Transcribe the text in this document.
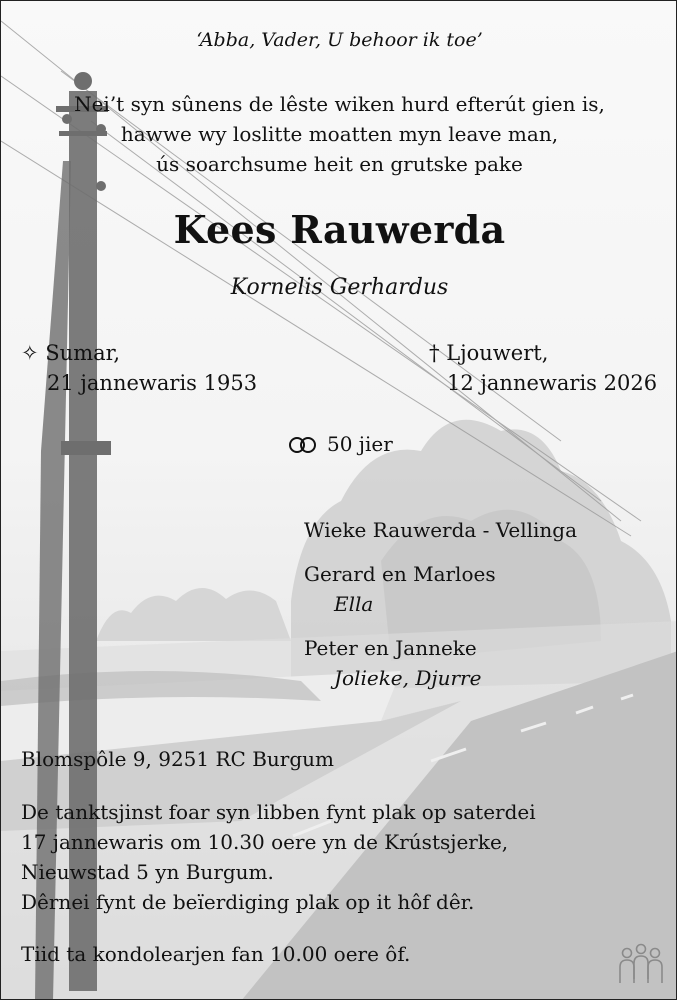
‘Abba, Vader, U behoor ik toe’
Nei’t syn sûnens de lêste wiken hurd efterút gien is,
hawwe wy loslitte moatten myn leave man,
ús soarchsume heit en grutske pake
Kees Rauwerda
Kornelis Gerhardus
✧ Sumar,
21 jannewaris 1953
† Ljouwert,
12 jannewaris 2026
50 jier
Wieke Rauwerda - Vellinga
Gerard en Marloes
Ella
Peter en Janneke
Jolieke, Djurre
Blomspôle 9, 9251 RC Burgum
De tanktsjinst foar syn libben fynt plak op saterdei
17 jannewaris om 10.30 oere yn de Krústsjerke,
Nieuwstad 5 yn Burgum.
Dêrnei fynt de beïerdiging plak op it hôf dêr.
Tiid ta kondolearjen fan 10.00 oere ôf.
